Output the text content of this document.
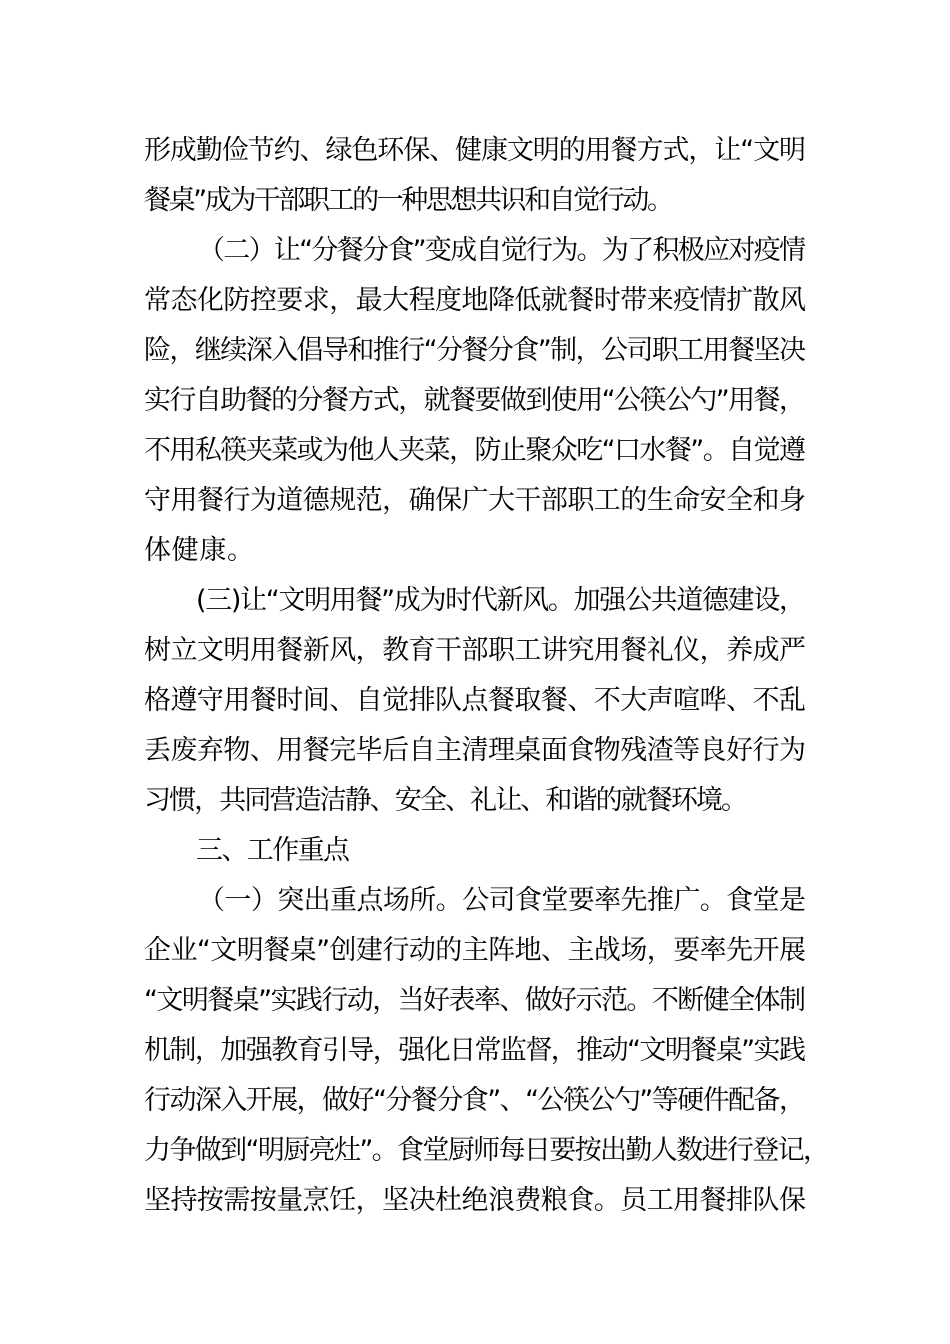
形成勤俭节约、绿色环保、健康文明的用餐方式，让“文明
餐桌”成为干部职工的一种思想共识和自觉行动。
（二）让“分餐分食”变成自觉行为。为了积极应对疫情
常态化防控要求，最大程度地降低就餐时带来疫情扩散风
险，继续深入倡导和推行“分餐分食”制，公司职工用餐坚决
实行自助餐的分餐方式，就餐要做到使用“公筷公勺”用餐，
不用私筷夹菜或为他人夹菜，防止聚众吃“口水餐”。自觉遵
守用餐行为道德规范，确保广大干部职工的生命安全和身
体健康。
(三)让“文明用餐”成为时代新风。加强公共道德建设，
树立文明用餐新风，教育干部职工讲究用餐礼仪，养成严
格遵守用餐时间、自觉排队点餐取餐、不大声喧哗、不乱
丢废弃物、用餐完毕后自主清理桌面食物残渣等良好行为
习惯，共同营造洁静、安全、礼让、和谐的就餐环境。
三、工作重点
（一）突出重点场所。公司食堂要率先推广。食堂是
企业“文明餐桌”创建行动的主阵地、主战场，要率先开展
“文明餐桌”实践行动，当好表率、做好示范。不断健全体制
机制，加强教育引导，强化日常监督，推动“文明餐桌”实践
行动深入开展，做好“分餐分食”、“公筷公勺”等硬件配备，
力争做到“明厨亮灶”。食堂厨师每日要按出勤人数进行登记，
坚持按需按量烹饪，坚决杜绝浪费粮食。员工用餐排队保
